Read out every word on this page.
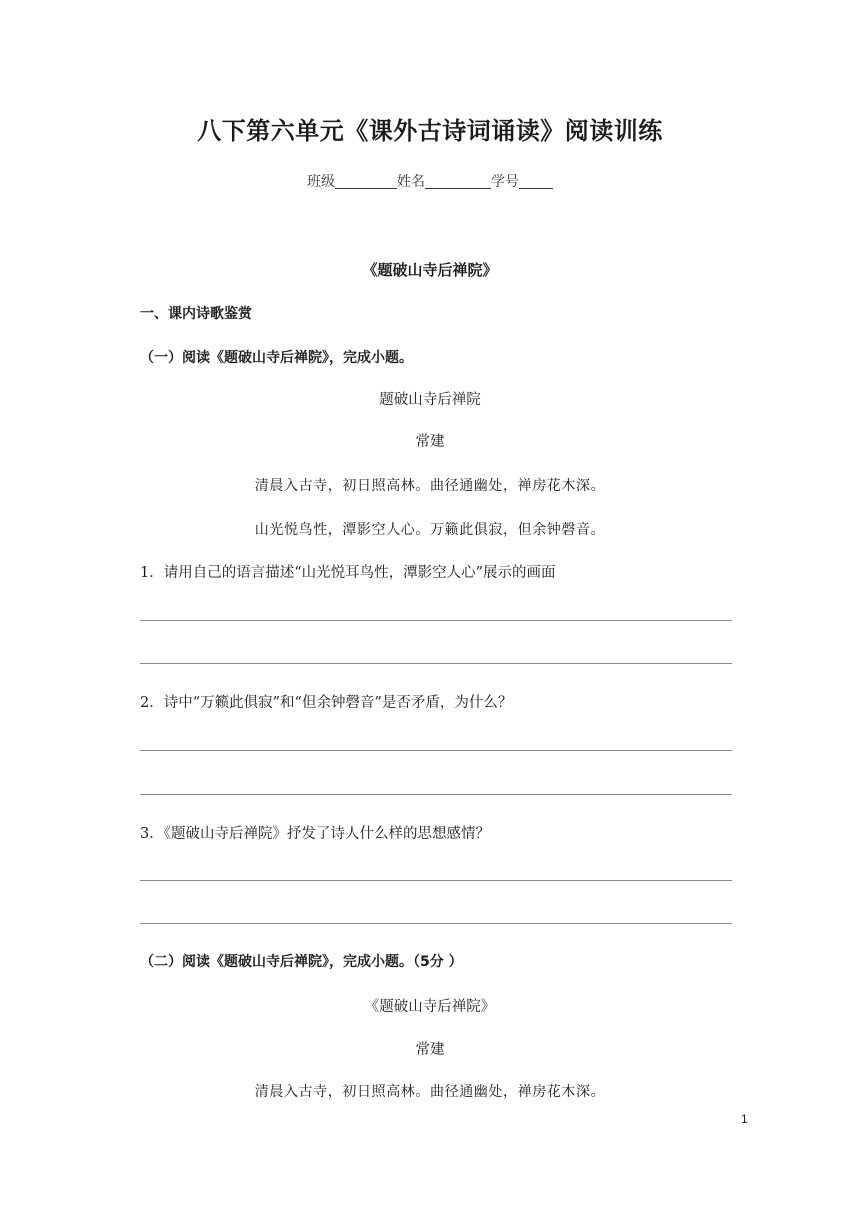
八下第六单元《课外古诗词诵读》阅读训练
班级	姓名	学号
《题破山寺后禅院》
一、课内诗歌鉴赏
（一）阅读《题破山寺后禅院》，完成小题。
题破山寺后禅院
常建
清晨入古寺，初日照高林。曲径通幽处，禅房花木深。
山光悦鸟性，潭影空人心。万籁此俱寂，但余钟磬音。
1．请用自己的语言描述“山光悦耳鸟性，潭影空人心”展示的画面
2．诗中“万籁此俱寂”和“但余钟磬音”是否矛盾，为什么？
3．《题破山寺后禅院》抒发了诗人什么样的思想感情？
（二）阅读《题破山寺后禅院》，完成小题。（5分 ）
《题破山寺后禅院》
常建
清晨入古寺，初日照高林。曲径通幽处，禅房花木深。
1
